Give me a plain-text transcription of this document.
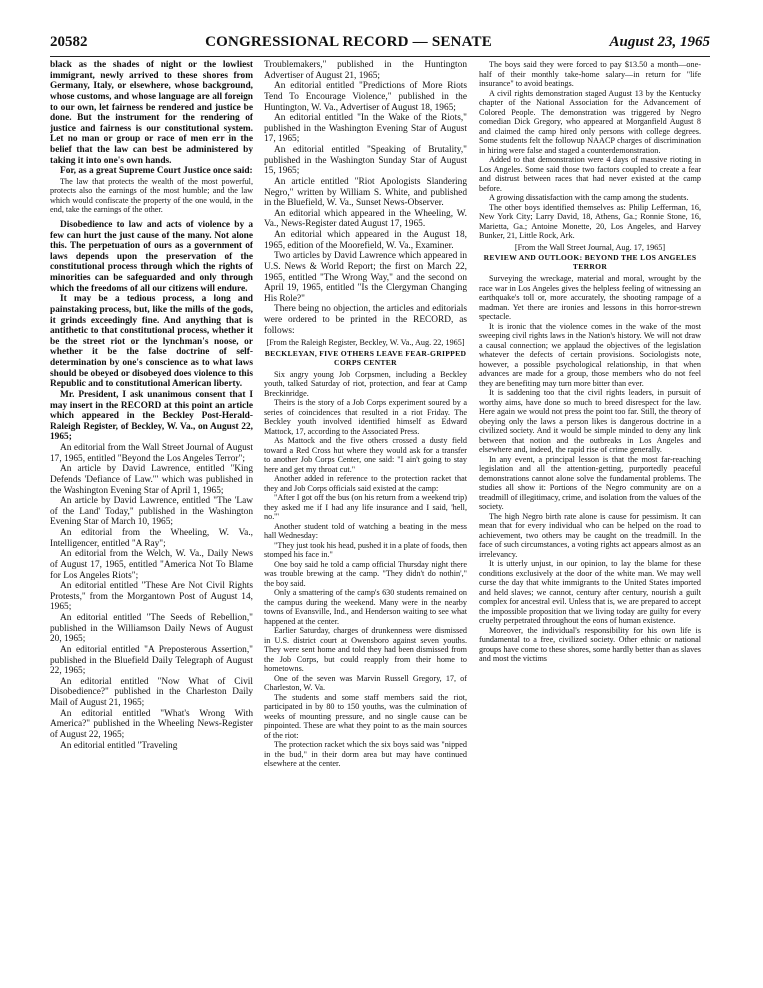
20582	CONGRESSIONAL RECORD — SENATE	August 23, 1965

black as the shades of night or the lowliest immigrant, newly arrived to these shores from Germany, Italy, or elsewhere, whose background, whose customs, and whose language are all foreign to our own, let fairness be rendered and justice be done. But the instrument for the rendering of justice and fairness is our constitutional system. Let no man or group or race of men err in the belief that the law can best be administered by taking it into one's own hands.

For, as a great Supreme Court Justice once said:

The law that protects the wealth of the most powerful, protects also the earnings of the most humble; and the law which would confiscate the property of the one would, in the end, take the earnings of the other.

Disobedience to law and acts of violence by a few can hurt the just cause of the many. Not alone this. The perpetuation of ours as a government of laws depends upon the preservation of the constitutional process through which the rights of minorities can be safeguarded and only through which the freedoms of all our citizens will endure.

It may be a tedious process, a long and painstaking process, but, like the mills of the gods, it grinds exceedingly fine. And anything that is antithetic to that constitutional process, whether it be the street riot or the lynchman's noose, or whether it be the false doctrine of self-determination by one's conscience as to what laws should be obeyed or disobeyed does violence to this Republic and to constitutional American liberty.

Mr. President, I ask unanimous consent that I may insert in the RECORD at this point an article which appeared in the Beckley Post-Herald-Raleigh Register, of Beckley, W. Va., on August 22, 1965;

An editorial from the Wall Street Journal of August 17, 1965, entitled "Beyond the Los Angeles Terror";

An article by David Lawrence, entitled "King Defends 'Defiance of Law.'" which was published in the Washington Evening Star of April 1, 1965;

An article by David Lawrence, entitled "The 'Law of the Land' Today," published in the Washington Evening Star of March 10, 1965;

An editorial from the Wheeling, W. Va., Intelligencer, entitled "A Ray";

An editorial from the Welch, W. Va., Daily News of August 17, 1965, entitled "America Not To Blame for Los Angeles Riots";

An editorial entitled "These Are Not Civil Rights Protests," from the Morgantown Post of August 14, 1965;

An editorial entitled "The Seeds of Rebellion," published in the Williamson Daily News of August 20, 1965;

An editorial entitled "A Preposterous Assertion," published in the Bluefield Daily Telegraph of August 22, 1965;

An editorial entitled "Now What of Civil Disobedience?" published in the Charleston Daily Mail of August 21, 1965;

An editorial entitled "What's Wrong With America?" published in the Wheeling News-Register of August 22, 1965;

An editorial entitled "Traveling

Troublemakers," published in the Huntington Advertiser of August 21, 1965;

An editorial entitled "Predictions of More Riots Tend To Encourage Violence," published in the Huntington, W. Va., Advertiser of August 18, 1965;

An editorial entitled "In the Wake of the Riots," published in the Washington Evening Star of August 17, 1965;

An editorial entitled "Speaking of Brutality," published in the Washington Sunday Star of August 15, 1965;

An article entitled "Riot Apologists Slandering Negro," written by William S. White, and published in the Bluefield, W. Va., Sunset News-Observer.

An editorial which appeared in the Wheeling, W. Va., News-Register dated August 17, 1965.

An editorial which appeared in the August 18, 1965, edition of the Moorefield, W. Va., Examiner.

Two articles by David Lawrence which appeared in U.S. News & World Report; the first on March 22, 1965, entitled "The Wrong Way," and the second on April 19, 1965, entitled "Is the Clergyman Changing His Role?"

There being no objection, the articles and editorials were ordered to be printed in the RECORD, as follows:

[From the Raleigh Register, Beckley, W. Va., Aug. 22, 1965]

BECKLEYAN, FIVE OTHERS LEAVE FEAR-GRIPPED CORPS CENTER

Six angry young Job Corpsmen, including a Beckley youth, talked Saturday of riot, protection, and fear at Camp Breckinridge.

Theirs is the story of a Job Corps experiment soured by a series of coincidences that resulted in a riot Friday. The Beckley youth involved identified himself as Edward Mattock, 17, according to the Associated Press.

As Mattock and the five others crossed a dusty field toward a Red Cross hut where they would ask for a transfer to another Job Corps Center, one said: "I ain't going to stay here and get my throat cut."

Another added in reference to the protection racket that they and Job Corps officials said existed at the camp:

"After I got off the bus (on his return from a weekend trip) they asked me if I had any life insurance and I said, 'hell, no.'"

Another student told of watching a beating in the mess hall Wednesday:

"They just took his head, pushed it in a plate of foods, then stomped his face in."

One boy said he told a camp official Thursday night there was trouble brewing at the camp. "They didn't do nothin'," the boy said.

Only a smattering of the camp's 630 students remained on the campus during the weekend. Many were in the nearby towns of Evansville, Ind., and Henderson waiting to see what happened at the center.

Earlier Saturday, charges of drunkenness were dismissed in U.S. district court at Owensboro against seven youths. They were sent home and told they had been dismissed from the Job Corps, but could reapply from their home to hometowns.

One of the seven was Marvin Russell Gregory, 17, of Charleston, W. Va.

The students and some staff members said the riot, participated in by 80 to 150 youths, was the culmination of weeks of mounting pressure, and no single cause can be pinpointed. These are what they point to as the main sources of the riot:

The protection racket which the six boys said was "nipped in the bud," in their dorm area but may have continued elsewhere at the center.

The boys said they were forced to pay $13.50 a month—one-half of their monthly take-home salary—in return for "life insurance" to avoid beatings.

A civil rights demonstration staged August 13 by the Kentucky chapter of the National Association for the Advancement of Colored People. The demonstration was triggered by Negro comedian Dick Gregory, who appeared at Morganfield August 8 and claimed the camp hired only persons with college degrees. Some students felt the followup NAACP charges of discrimination in hiring were false and staged a counterdemonstration.

Added to that demonstration were 4 days of massive rioting in Los Angeles. Some said those two factors coupled to create a fear and distrust between races that had never existed at the camp before.

A growing dissatisfaction with the camp among the students.

The other boys identified themselves as: Philip Lefferman, 16, New York City; Larry David, 18, Athens, Ga.; Ronnie Stone, 16, Marietta, Ga.; Antoine Monette, 20, Los Angeles, and Harvey Bunker, 21, Little Rock, Ark.

[From the Wall Street Journal, Aug. 17, 1965]

REVIEW AND OUTLOOK: BEYOND THE LOS ANGELES TERROR

Surveying the wreckage, material and moral, wrought by the race war in Los Angeles gives the helpless feeling of witnessing an earthquake's toll or, more accurately, the shooting rampage of a madman. Yet there are ironies and lessons in this horror-strewn spectacle.

It is ironic that the violence comes in the wake of the most sweeping civil rights laws in the Nation's history. We will not draw a causal connection; we applaud the objectives of the legislation whatever the defects of certain provisions. Sociologists note, however, a possible psychological relationship, in that when advances are made for a group, those members who do not feel they are benefiting may turn more bitter than ever.

It is saddening too that the civil rights leaders, in pursuit of worthy aims, have done so much to breed disrespect for the law. Here again we would not press the point too far. Still, the theory of obeying only the laws a person likes is dangerous doctrine in a civilized society. And it would be simple minded to deny any link between that notion and the outbreaks in Los Angeles and elsewhere and, indeed, the rapid rise of crime generally.

In any event, a principal lesson is that the most far-reaching legislation and all the attention-getting, purportedly peaceful demonstrations cannot alone solve the fundamental problems. The studies all show it: Portions of the Negro community are on a treadmill of illegitimacy, crime, and isolation from the values of the society.

The high Negro birth rate alone is cause for pessimism. It can mean that for every individual who can be helped on the road to achievement, two others may be caught on the treadmill. In the face of such circumstances, a voting rights act appears almost as an irrelevancy.

It is utterly unjust, in our opinion, to lay the blame for these conditions exclusively at the door of the white man. We may well curse the day that white immigrants to the United States imported and held slaves; we cannot, century after century, nourish a guilt complex for ancestral evil. Unless that is, we are prepared to accept the impossible proposition that we living today are guilty for every cruelty perpetrated throughout the eons of human existence.

Moreover, the individual's responsibility for his own life is fundamental to a free, civilized society. Other ethnic or national groups have come to these shores, some hardly better than as slaves and most the victims
